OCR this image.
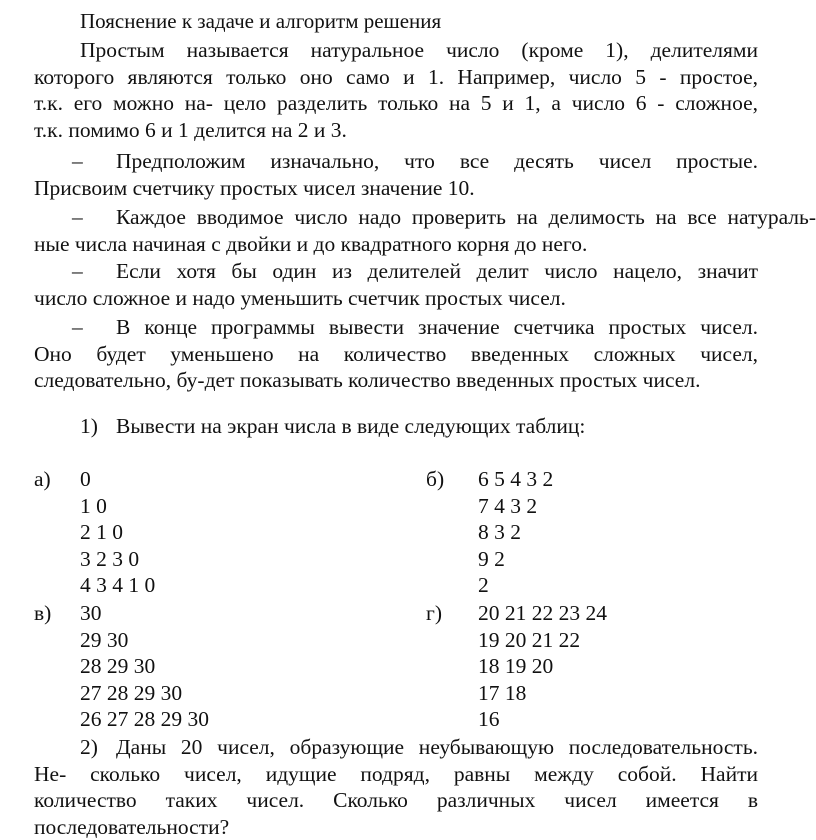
Пояснение к задаче и алгоритм решения

Простым называется натуральное число (кроме 1), делителями
которого являются только оно само и 1. Например, число 5 - простое,
т.к. его можно на- цело разделить только на 5 и 1, а число 6 - сложное,
т.к. помимо 6 и 1 делится на 2 и 3.
–	Предположим изначально, что все десять чисел простые.
Присвоим счетчику простых чисел значение 10.
–	Каждое вводимое число надо проверить на делимость на все натураль-
ные числа начиная с двойки и до квадратного корня до него.
–	Если хотя бы один из делителей делит число нацело, значит
число сложное и надо уменьшить счетчик простых чисел.
–	В конце программы вывести значение счетчика простых чисел.
Оно будет уменьшено на количество введенных сложных чисел,
следовательно, бу-дет показывать количество введенных простых чисел.
1) Вывести на экран числа в виде следующих таблиц:
а) 0
1 0
2 1 0
3 2 3 0
4 3 4 1 0
б) 6 5 4 3 2
7 4 3 2
8 3 2
9 2
2
в) 30
29 30
28 29 30
27 28 29 30
26 27 28 29 30
г) 20 21 22 23 24
19 20 21 22
18 19 20
17 18
16
2) Даны 20 чисел, образующие неубывающую последовательность.
Не- сколько чисел, идущие подряд, равны между собой. Найти
количество таких чисел. Сколько различных чисел имеется в
последовательности?
